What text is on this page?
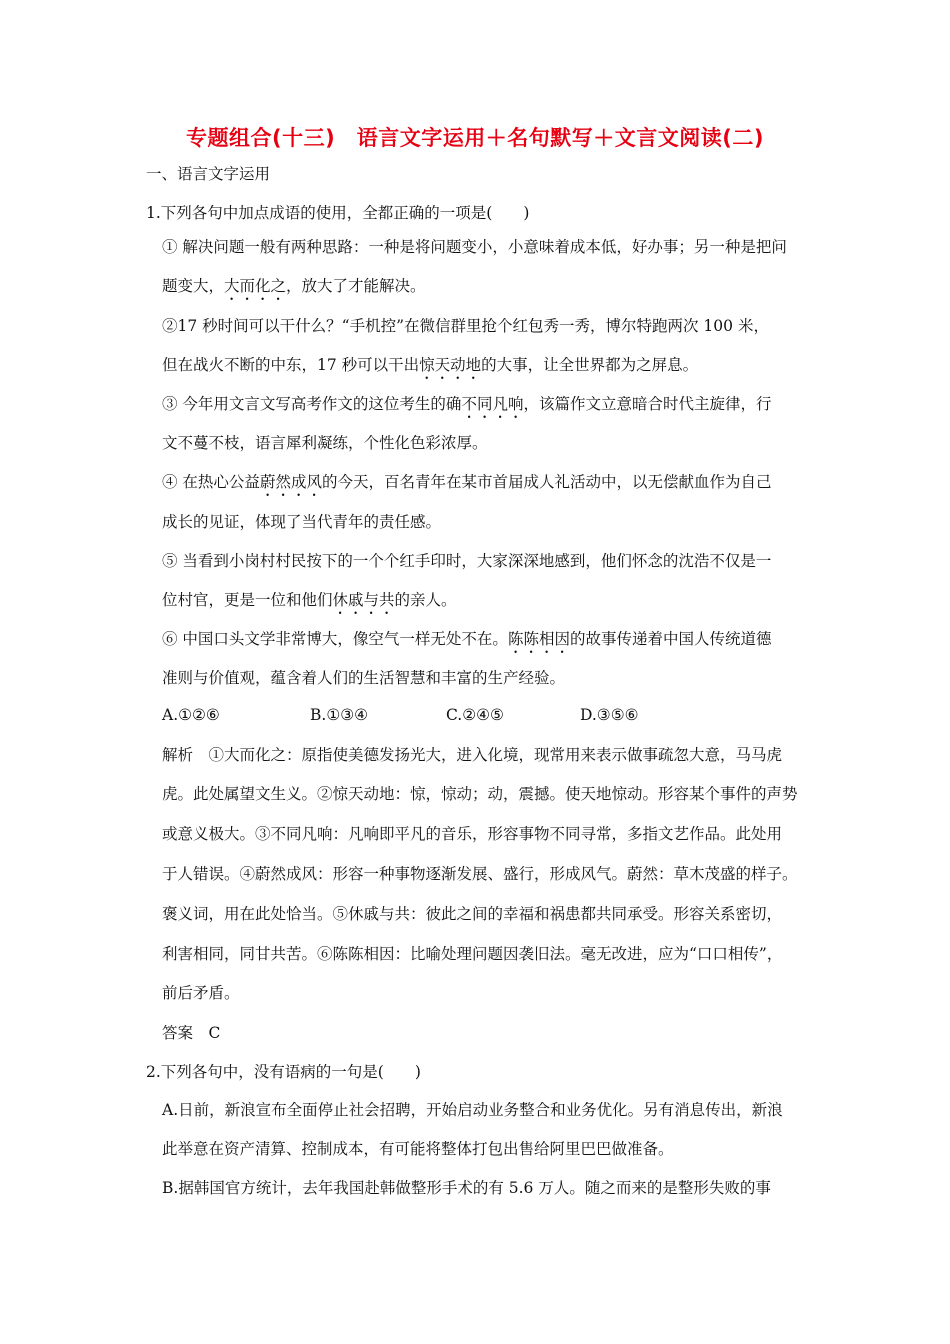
专题组合(十三)　语言文字运用＋名句默写＋文言文阅读(二)
一、语言文字运用
1.下列各句中加点成语的使用，全都正确的一项是(　　)
① 解决问题一般有两种思路：一种是将问题变小，小意味着成本低，好办事；另一种是把问
题变大，大而化之，放大了才能解决。
②17 秒时间可以干什么？“手机控”在微信群里抢个红包秀一秀，博尔特跑两次 100 米，
但在战火不断的中东，17 秒可以干出惊天动地的大事，让全世界都为之屏息。
③ 今年用文言文写高考作文的这位考生的确不同凡响，该篇作文立意暗合时代主旋律，行
文不蔓不枝，语言犀利凝练，个性化色彩浓厚。
④ 在热心公益蔚然成风的今天，百名青年在某市首届成人礼活动中，以无偿献血作为自己
成长的见证，体现了当代青年的责任感。
⑤ 当看到小岗村村民按下的一个个红手印时，大家深深地感到，他们怀念的沈浩不仅是一
位村官，更是一位和他们休戚与共的亲人。
⑥ 中国口头文学非常博大，像空气一样无处不在。陈陈相因的故事传递着中国人传统道德
准则与价值观，蕴含着人们的生活智慧和丰富的生产经验。
A.①②⑥	B.①③④	C.②④⑤	D.③⑤⑥
解析　①大而化之：原指使美德发扬光大，进入化境，现常用来表示做事疏忽大意，马马虎
虎。此处属望文生义。②惊天动地：惊，惊动；动，震撼。使天地惊动。形容某个事件的声势
或意义极大。③不同凡响：凡响即平凡的音乐，形容事物不同寻常，多指文艺作品。此处用
于人错误。④蔚然成风：形容一种事物逐渐发展、盛行，形成风气。蔚然：草木茂盛的样子。
褒义词，用在此处恰当。⑤休戚与共：彼此之间的幸福和祸患都共同承受。形容关系密切，
利害相同，同甘共苦。⑥陈陈相因：比喻处理问题因袭旧法。毫无改进，应为“口口相传”，
前后矛盾。
答案　C
2.下列各句中，没有语病的一句是(　　)
A.日前，新浪宣布全面停止社会招聘，开始启动业务整合和业务优化。另有消息传出，新浪
此举意在资产清算、控制成本，有可能将整体打包出售给阿里巴巴做准备。
B.据韩国官方统计，去年我国赴韩做整形手术的有 5.6 万人。随之而来的是整形失败的事
